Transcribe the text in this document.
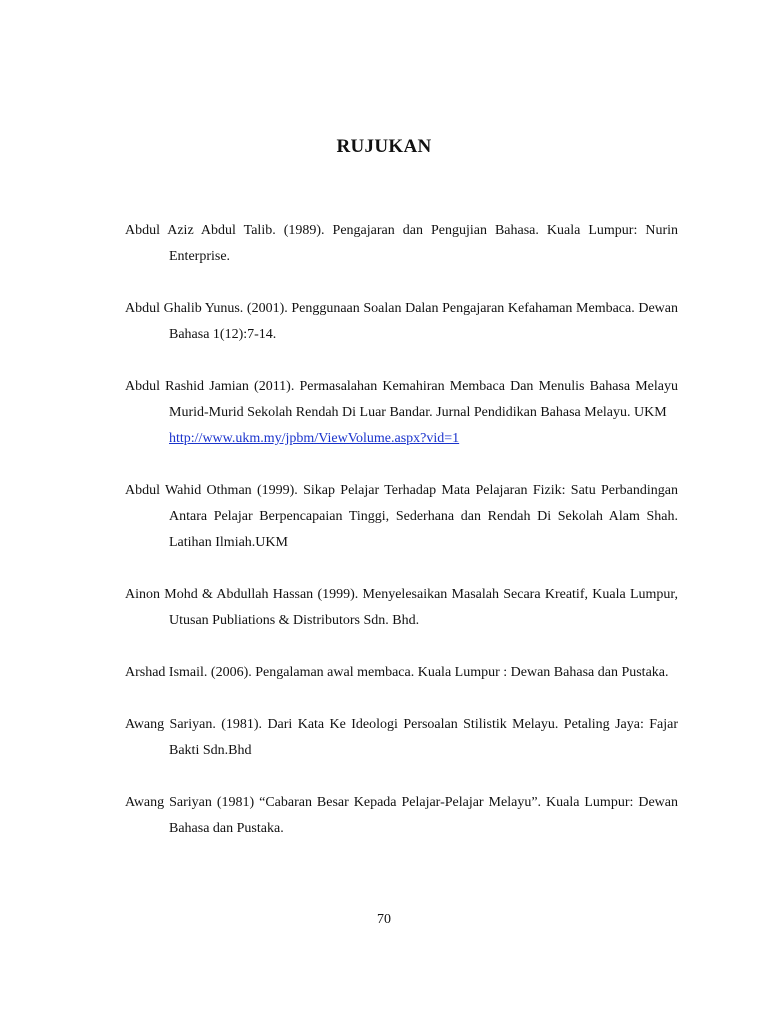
RUJUKAN

Abdul Aziz Abdul Talib. (1989). Pengajaran dan Pengujian Bahasa. Kuala Lumpur: Nurin Enterprise.

Abdul Ghalib Yunus. (2001). Penggunaan Soalan Dalan Pengajaran Kefahaman Membaca. Dewan Bahasa 1(12):7-14.

Abdul Rashid Jamian (2011). Permasalahan Kemahiran Membaca Dan Menulis Bahasa Melayu Murid-Murid Sekolah Rendah Di Luar Bandar. Jurnal Pendidikan Bahasa Melayu. UKM
http://www.ukm.my/jpbm/ViewVolume.aspx?vid=1

Abdul Wahid Othman (1999). Sikap Pelajar Terhadap Mata Pelajaran Fizik: Satu Perbandingan Antara Pelajar Berpencapaian Tinggi, Sederhana dan Rendah Di Sekolah Alam Shah. Latihan Ilmiah.UKM

Ainon Mohd & Abdullah Hassan (1999). Menyelesaikan Masalah Secara Kreatif, Kuala Lumpur, Utusan Publiations & Distributors Sdn. Bhd.

Arshad Ismail. (2006). Pengalaman awal membaca. Kuala Lumpur : Dewan Bahasa dan Pustaka.

Awang Sariyan. (1981). Dari Kata Ke Ideologi Persoalan Stilistik Melayu. Petaling Jaya: Fajar Bakti Sdn.Bhd

Awang Sariyan (1981) “Cabaran Besar Kepada Pelajar-Pelajar Melayu”. Kuala Lumpur: Dewan Bahasa dan Pustaka.

70
